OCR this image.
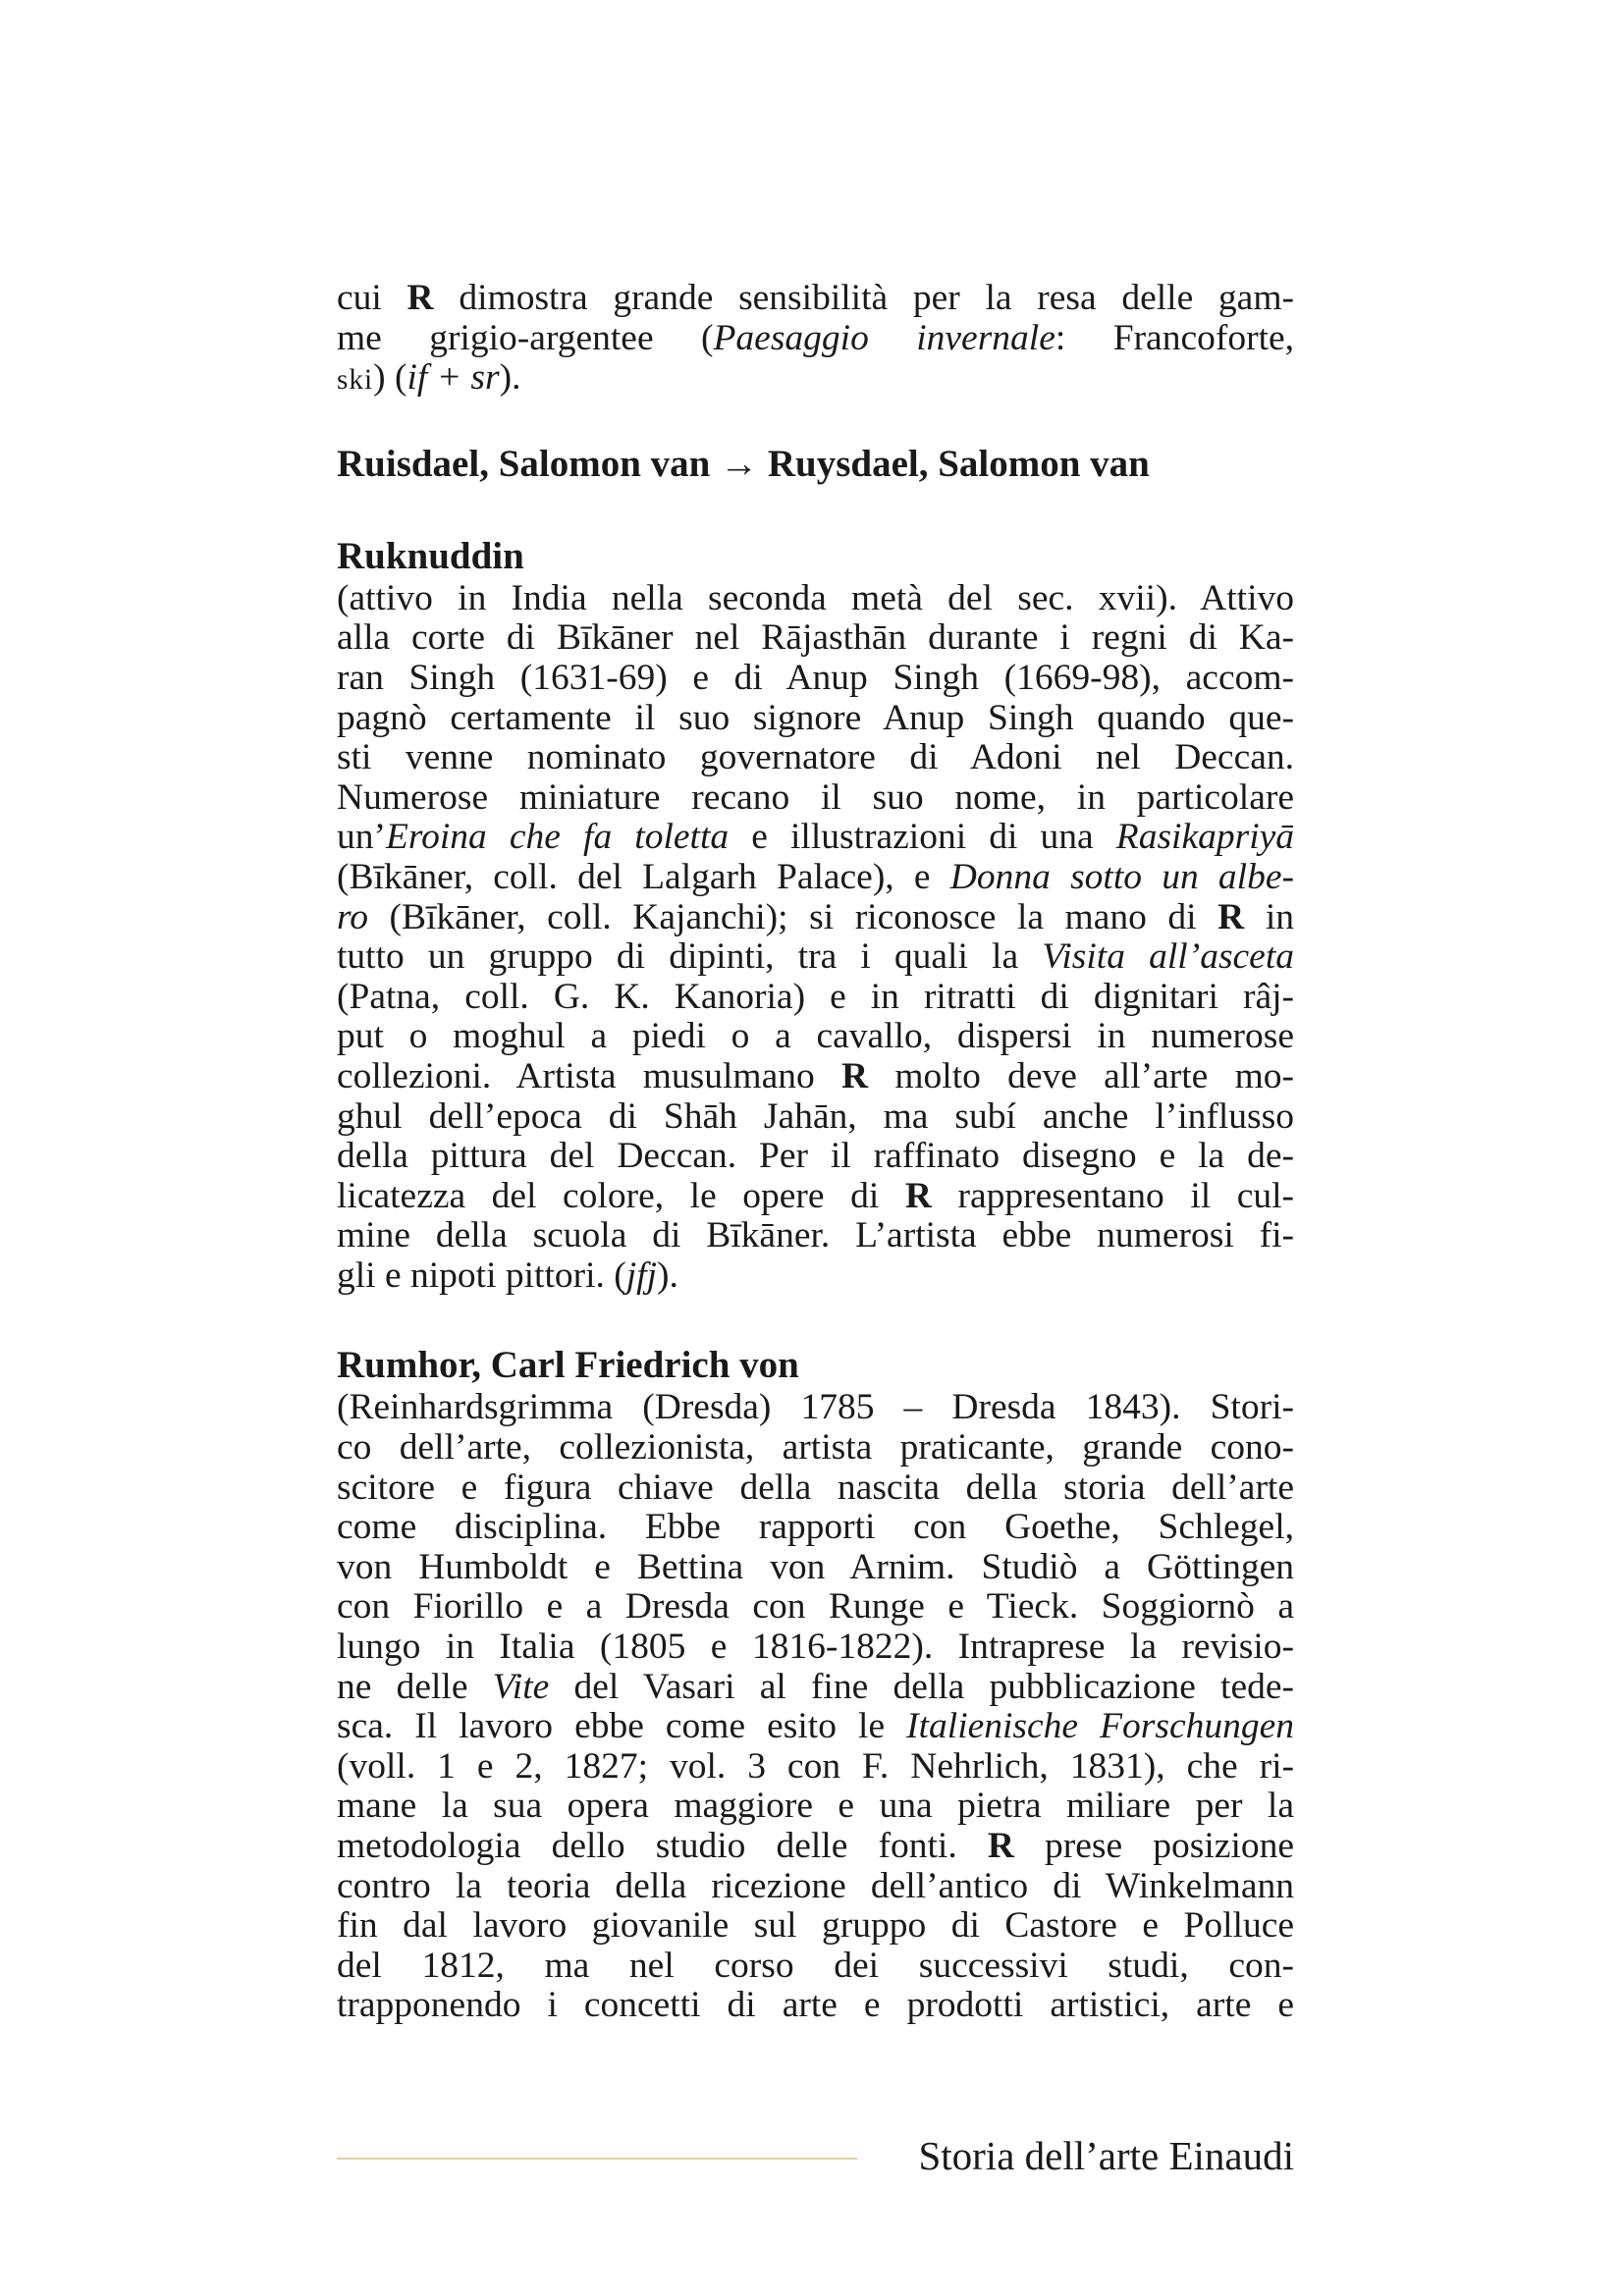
cui R dimostra grande sensibilità per la resa delle gam-
me grigio-argentee (Paesaggio invernale: Francoforte,
ski) (if + sr).
Ruisdael, Salomon van → Ruysdael, Salomon van
Ruknuddin
(attivo in India nella seconda metà del sec. xvii). Attivo
alla corte di Bīkāner nel Rājasthān durante i regni di Ka-
ran Singh (1631-69) e di Anup Singh (1669-98), accom-
pagnò certamente il suo signore Anup Singh quando que-
sti venne nominato governatore di Adoni nel Deccan.
Numerose miniature recano il suo nome, in particolare
un’Eroina che fa toletta e illustrazioni di una Rasikapriyā
(Bīkāner, coll. del Lalgarh Palace), e Donna sotto un albe-
ro (Bīkāner, coll. Kajanchi); si riconosce la mano di R in
tutto un gruppo di dipinti, tra i quali la Visita all’asceta
(Patna, coll. G. K. Kanoria) e in ritratti di dignitari râj-
put o moghul a piedi o a cavallo, dispersi in numerose
collezioni. Artista musulmano R molto deve all’arte mo-
ghul dell’epoca di Shāh Jahān, ma subí anche l’influsso
della pittura del Deccan. Per il raffinato disegno e la de-
licatezza del colore, le opere di R rappresentano il cul-
mine della scuola di Bīkāner. L’artista ebbe numerosi fi-
gli e nipoti pittori. (jfj).
Rumhor, Carl Friedrich von
(Reinhardsgrimma (Dresda) 1785 – Dresda 1843). Stori-
co dell’arte, collezionista, artista praticante, grande cono-
scitore e figura chiave della nascita della storia dell’arte
come disciplina. Ebbe rapporti con Goethe, Schlegel,
von Humboldt e Bettina von Arnim. Studiò a Göttingen
con Fiorillo e a Dresda con Runge e Tieck. Soggiornò a
lungo in Italia (1805 e 1816-1822). Intraprese la revisio-
ne delle Vite del Vasari al fine della pubblicazione tede-
sca. Il lavoro ebbe come esito le Italienische Forschungen
(voll. 1 e 2, 1827; vol. 3 con F. Nehrlich, 1831), che ri-
mane la sua opera maggiore e una pietra miliare per la
metodologia dello studio delle fonti. R prese posizione
contro la teoria della ricezione dell’antico di Winkelmann
fin dal lavoro giovanile sul gruppo di Castore e Polluce
del 1812, ma nel corso dei successivi studi, con-
trapponendo i concetti di arte e prodotti artistici, arte e
Storia dell’arte Einaudi
